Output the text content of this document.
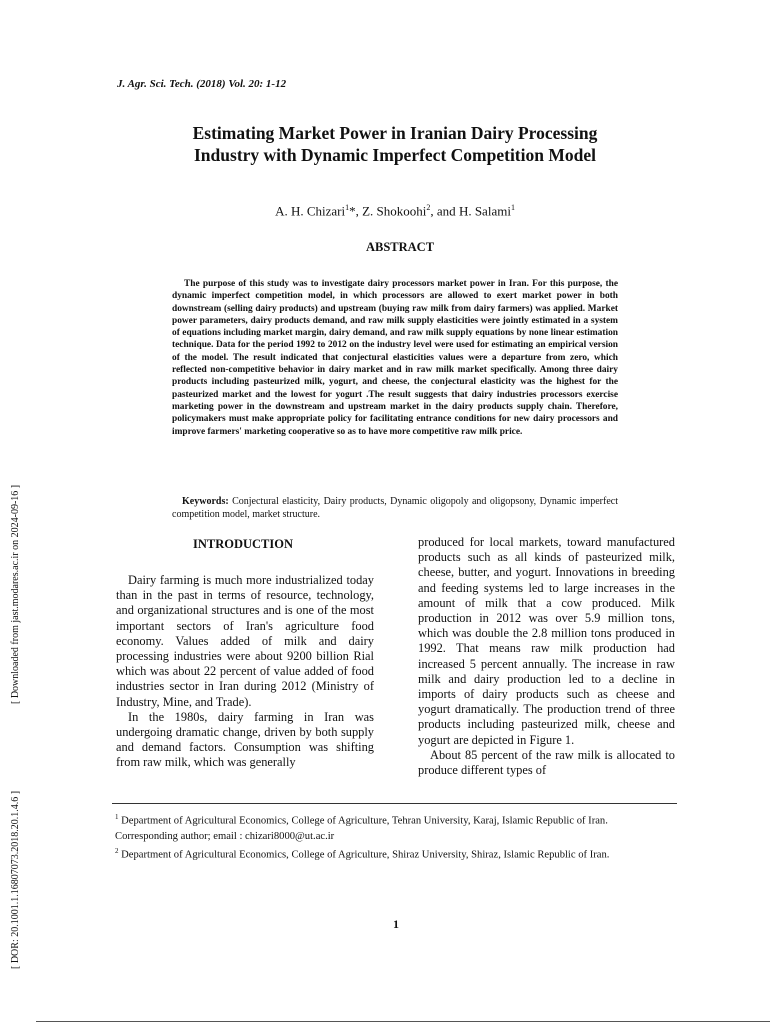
J. Agr. Sci. Tech. (2018) Vol. 20: 1-12
Estimating Market Power in Iranian Dairy Processing
Industry with Dynamic Imperfect Competition Model
A. H. Chizari$^1$*, Z. Shokoohi$^2$, and H. Salami$^1$
ABSTRACT
The purpose of this study was to investigate dairy processors market power in Iran. For this purpose, the dynamic imperfect competition model, in which processors are allowed to exert market power in both downstream (selling dairy products) and upstream (buying raw milk from dairy farmers) was applied. Market power parameters, dairy products demand, and raw milk supply elasticities were jointly estimated in a system of equations including market margin, dairy demand, and raw milk supply equations by none linear estimation technique. Data for the period 1992 to 2012 on the industry level were used for estimating an empirical version of the model. The result indicated that conjectural elasticities values were a departure from zero, which reflected non-competitive behavior in dairy market and in raw milk market specifically. Among three dairy products including pasteurized milk, yogurt, and cheese, the conjectural elasticity was the highest for the pasteurized market and the lowest for yogurt .The result suggests that dairy industries processors exercise marketing power in the downstream and upstream market in the dairy products supply chain. Therefore, policymakers must make appropriate policy for facilitating entrance conditions for new dairy processors and improve farmers' marketing cooperative so as to have more competitive raw milk price.
Keywords: Conjectural elasticity, Dairy products, Dynamic oligopoly and oligopsony, Dynamic imperfect competition model, market structure.
INTRODUCTION

Dairy farming is much more industrialized today than in the past in terms of resource, technology, and organizational structures and is one of the most important sectors of Iran's agriculture food economy. Values added of milk and dairy processing industries were about 9200 billion Rial which was about 22 percent of value added of food industries sector in Iran during 2012 (Ministry of Industry, Mine, and Trade).

In the 1980s, dairy farming in Iran was undergoing dramatic change, driven by both supply and demand factors. Consumption was shifting from raw milk, which was generally

produced for local markets, toward manufactured products such as all kinds of pasteurized milk, cheese, butter, and yogurt. Innovations in breeding and feeding systems led to large increases in the amount of milk that a cow produced. Milk production in 2012 was over 5.9 million tons, which was double the 2.8 million tons produced in 1992. That means raw milk production had increased 5 percent annually. The increase in raw milk and dairy production led to a decline in imports of dairy products such as cheese and yogurt dramatically. The production trend of three products including pasteurized milk, cheese and yogurt are depicted in Figure 1.

About 85 percent of the raw milk is allocated to produce different types of

$^1$ Department of Agricultural Economics, College of Agriculture, Tehran University, Karaj, Islamic Republic of Iran.

Corresponding author; email : chizari8000@ut.ac.ir

$^2$ Department of Agricultural Economics, College of Agriculture, Shiraz University, Shiraz, Islamic Republic of Iran.

1
[ Downloaded from jast.modares.ac.ir on 2024-09-16 ]
[ DOR: 20.1001.1.16807073.2018.20.1.4.6 ]
